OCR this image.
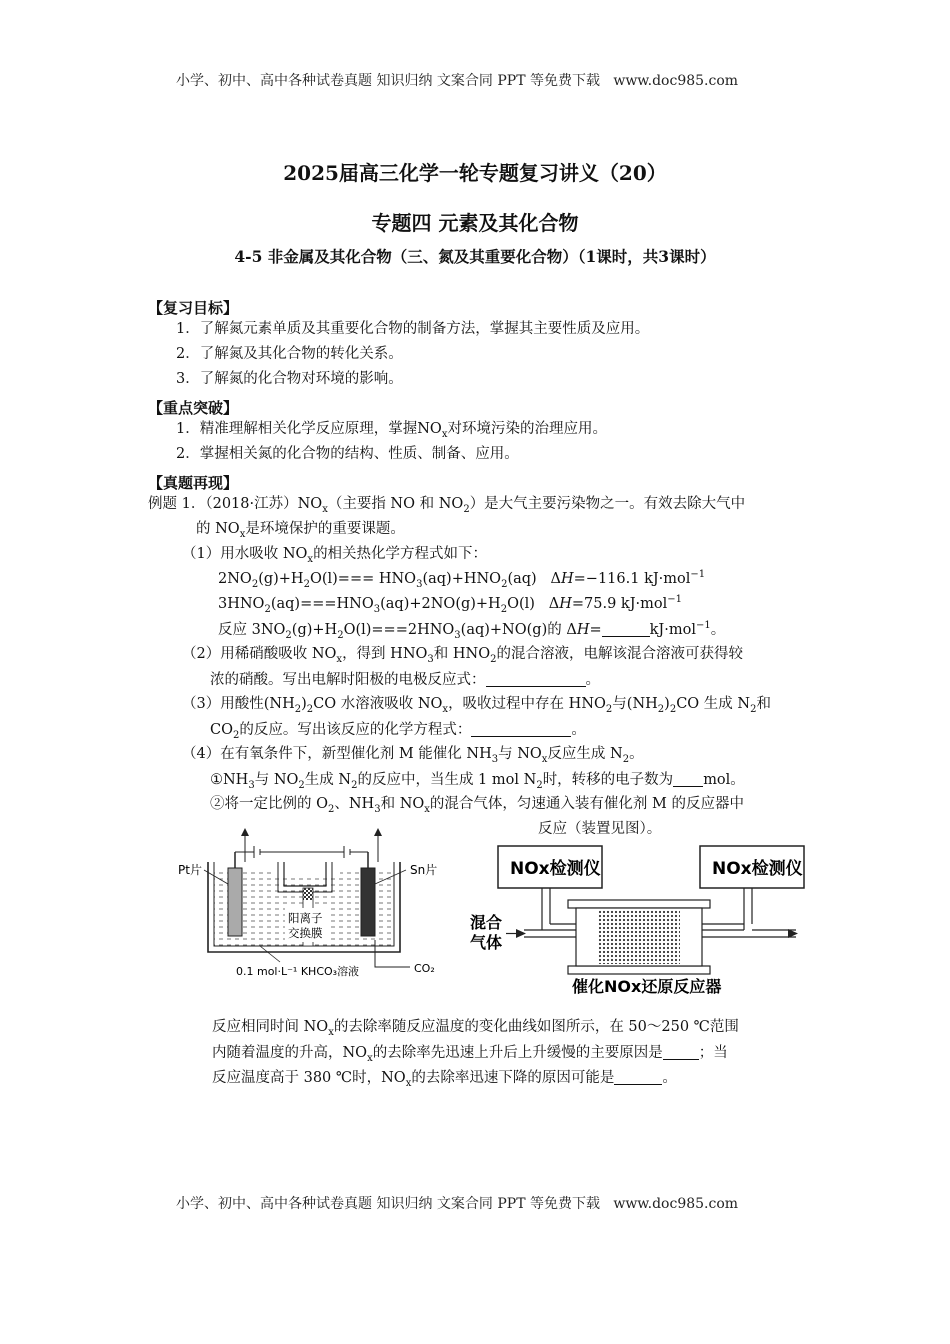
小学、初中、高中各种试卷真题 知识归纳 文案合同 PPT 等免费下载 www.doc985.com
小学、初中、高中各种试卷真题 知识归纳 文案合同 PPT 等免费下载 www.doc985.com
2025届高三化学一轮专题复习讲义（20）
专题四 元素及其化合物
4-5 非金属及其化合物（三、氮及其重要化合物）（1课时，共3课时）
【复习目标】
1．了解氮元素单质及其重要化合物的制备方法，掌握其主要性质及应用。
2．了解氮及其化合物的转化关系。
3．了解氮的化合物对环境的影响。
【重点突破】
1．精准理解相关化学反应原理，掌握$NO_x$对环境污染的治理应用。
2．掌握相关氮的化合物的结构、性质、制备、应用。
【真题再现】
例题 1．（2018·江苏）$NO_x$（主要指 NO 和 $NO_2$）是大气主要污染物之一。有效去除大气中
的 $NO_x$是环境保护的重要课题。
（1）用水吸收 $NO_x$的相关热化学方程式如下：
$2NO_2(g)+H_2O(l)=== HNO_3(aq)+HNO_2(aq)$   ΔH=−116.1 kJ·mol$^{-1}$
$3HNO_2(aq)===HNO_3(aq)+2NO(g)+H_2O(l)$   ΔH=75.9 kJ·mol$^{-1}$
反应 $3NO_2(g)+H_2O(l)===2HNO_3(aq)+NO(g)$的 ΔH=	kJ·mol$^{-1}$。
（2）用稀硝酸吸收 $NO_x$，得到 $HNO_3$和 $HNO_2$的混合溶液，电解该混合溶液可获得较
浓的硝酸。写出电解时阳极的电极反应式：	。
（3）用酸性$(NH_2)_2CO$ 水溶液吸收 $NO_x$，吸收过程中存在 $HNO_2$与$(NH_2)_2CO$ 生成 $N_2$和
$CO_2$的反应。写出该反应的化学方程式：	。
（4）在有氧条件下，新型催化剂 M 能催化 $NH_3$与 $NO_x$反应生成 $N_2$。
$①NH_3$与 $NO_2$生成 $N_2$的反应中，当生成 1 mol $N_2$时，转移的电子数为 mol。
②将一定比例的 $O_2$、$NH_3$和 $NO_x$的混合气体，匀速通入装有催化剂 M 的反应器中
反应（装置见图）。
Pt片	Sn片
阳离子
交换膜
0.1 mol·L⁻¹ KHCO₃溶液	CO₂
NOx检测仪	NOx检测仪
混合
气体
催化NOx还原反应器
反应相同时间 $NO_x$的去除率随反应温度的变化曲线如图所示，在 50～250 ℃范围
内随着温度的升高，$NO_x$的去除率先迅速上升后上升缓慢的主要原因是 ；当
反应温度高于 380 ℃时，$NO_x$的去除率迅速下降的原因可能是	。
